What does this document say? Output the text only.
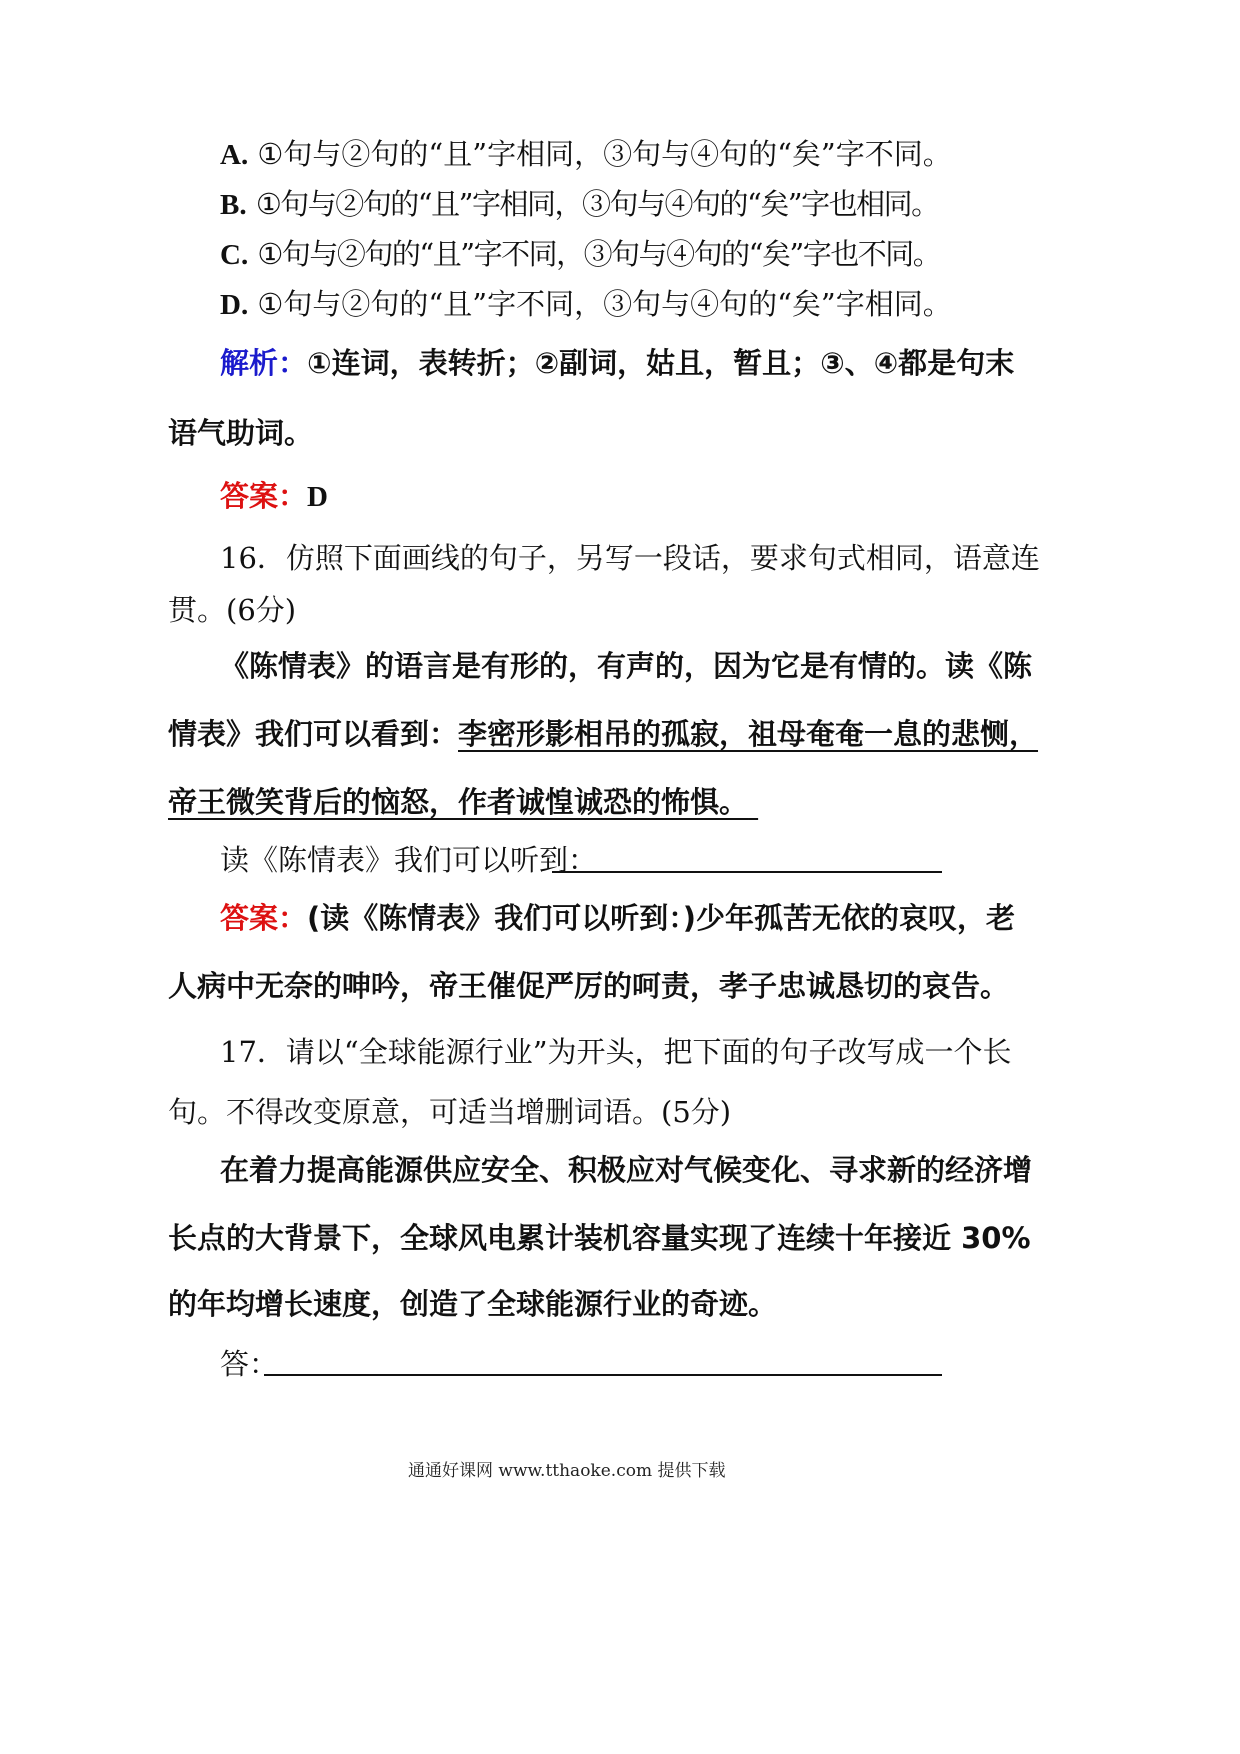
A. ①句与②句的“且”字相同，③句与④句的“矣”字不同。
B. ①句与②句的“且”字相同，③句与④句的“矣”字也相同。
C. ①句与②句的“且”字不同，③句与④句的“矣”字也不同。
D. ①句与②句的“且”字不同，③句与④句的“矣”字相同。
解析：①连词，表转折；②副词，姑且，暂且；③、④都是句末
语气助词。
答案：D
16．仿照下面画线的句子，另写一段话，要求句式相同，语意连
贯。(6分)
《陈情表》的语言是有形的，有声的，因为它是有情的。读《陈
情表》我们可以看到：李密形影相吊的孤寂，祖母奄奄一息的悲恻，
帝王微笑背后的恼怒，作者诚惶诚恐的怖惧。
读《陈情表》我们可以听到：
答案：(读《陈情表》我们可以听到：)少年孤苦无依的哀叹，老
人病中无奈的呻吟，帝王催促严厉的呵责，孝子忠诚恳切的哀告。
17．请以“全球能源行业”为开头，把下面的句子改写成一个长
句。不得改变原意，可适当增删词语。(5分)
在着力提高能源供应安全、积极应对气候变化、寻求新的经济增
长点的大背景下，全球风电累计装机容量实现了连续十年接近 30%
的年均增长速度，创造了全球能源行业的奇迹。
答：
通通好课网 www.tthaoke.com 提供下载
